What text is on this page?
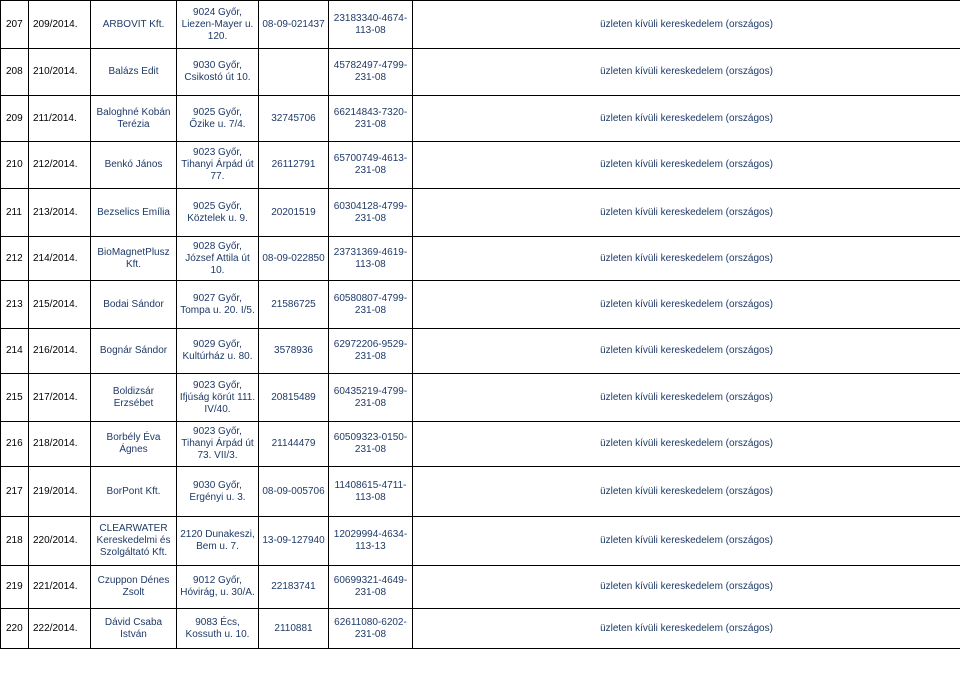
207	209/2014.	ARBOVIT Kft.	9024 Győr, Liezen-Mayer u. 120.	08-09-021437	23183340-4674-113-08	üzleten kívüli kereskedelem (országos)
208	210/2014.	Balázs Edit	9030 Győr, Csikostó út 10.		45782497-4799-231-08	üzleten kívüli kereskedelem (országos)
209	211/2014.	Baloghné Kobán Terézia	9025 Győr, Őzike u. 7/4.	32745706	66214843-7320-231-08	üzleten kívüli kereskedelem (országos)
210	212/2014.	Benkó János	9023 Győr, Tihanyi Árpád út 77.	26112791	65700749-4613-231-08	üzleten kívüli kereskedelem (országos)
211	213/2014.	Bezselics Emília	9025 Győr, Köztelek u. 9.	20201519	60304128-4799-231-08	üzleten kívüli kereskedelem (országos)
212	214/2014.	BioMagnetPlusz Kft.	9028 Győr, József Attila út 10.	08-09-022850	23731369-4619-113-08	üzleten kívüli kereskedelem (országos)
213	215/2014.	Bodai Sándor	9027 Győr, Tompa u. 20. I/5.	21586725	60580807-4799-231-08	üzleten kívüli kereskedelem (országos)
214	216/2014.	Bognár Sándor	9029 Győr, Kultúrház u. 80.	3578936	62972206-9529-231-08	üzleten kívüli kereskedelem (országos)
215	217/2014.	Boldizsár Erzsébet	9023 Győr, Ifjúság körút 111. IV/40.	20815489	60435219-4799-231-08	üzleten kívüli kereskedelem (országos)
216	218/2014.	Borbély Éva Ágnes	9023 Győr, Tihanyi Árpád út 73. VII/3.	21144479	60509323-0150-231-08	üzleten kívüli kereskedelem (országos)
217	219/2014.	BorPont Kft.	9030 Győr, Ergényi u. 3.	08-09-005706	11408615-4711-113-08	üzleten kívüli kereskedelem (országos)
218	220/2014.	CLEARWATER Kereskedelmi és Szolgáltató Kft.	2120 Dunakeszi, Bem u. 7.	13-09-127940	12029994-4634-113-13	üzleten kívüli kereskedelem (országos)
219	221/2014.	Czuppon Dénes Zsolt	9012 Győr, Hóvirág, u. 30/A.	22183741	60699321-4649-231-08	üzleten kívüli kereskedelem (országos)
220	222/2014.	Dávid Csaba István	9083 Écs, Kossuth u. 10.	2110881	62611080-6202-231-08	üzleten kívüli kereskedelem (országos)
